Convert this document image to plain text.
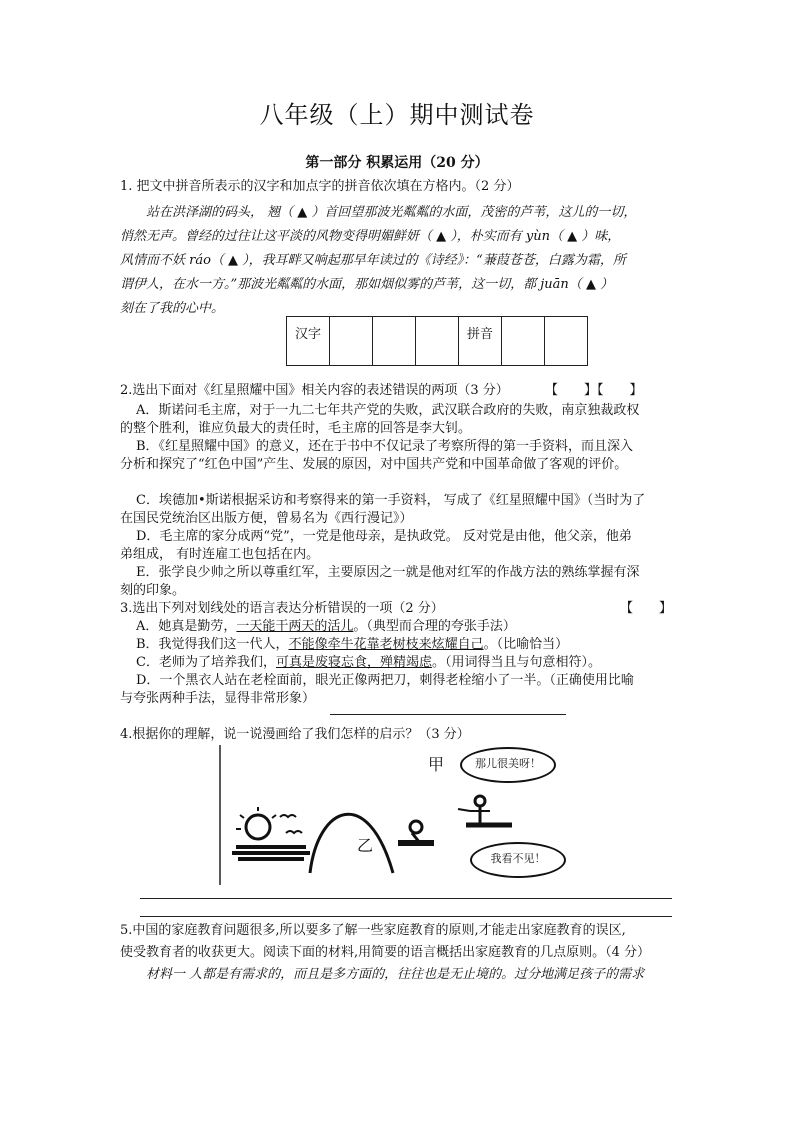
八年级（上）期中测试卷
第一部分 积累运用（20 分）
1. 把文中拼音所表示的汉字和加点字的拼音依次填在方格内。（2 分）
站在洪泽湖的码头， 翘（ ▲ ）首回望那波光粼粼的水面，茂密的芦苇，这儿的一切，
悄然无声。曾经的过往让这平淡的风物变得明媚鲜妍（ ▲ ），朴实而有 yùn（ ▲ ）味，
风情而不妖 ráo（ ▲ ），我耳畔又响起那早年读过的《诗经》：“蒹葭苍苍，白露为霜，所
谓伊人，在水一方。”那波光粼粼的水面，那如烟似雾的芦苇，这一切，都 juān（ ▲ ）
刻在了我的心中。
汉字				拼音		
2.选出下面对《红星照耀中国》相关内容的表述错误的两项（3 分）	【　　】【　　】
A．斯诺问毛主席，对于一九二七年共产党的失败，武汉联合政府的失败，南京独裁政权
的整个胜利，谁应负最大的责任时，毛主席的回答是李大钊。
B．《红星照耀中国》的意义，还在于书中不仅记录了考察所得的第一手资料，而且深入
分析和探究了“红色中国”产生、发展的原因，对中国共产党和中国革命做了客观的评价。
C．埃德加•斯诺根据采访和考察得来的第一手资料， 写成了《红星照耀中国》（当时为了
在国民党统治区出版方便，曾易名为《西行漫记》）
D．毛主席的家分成两“党”，一党是他母亲，是执政党。 反对党是由他，他父亲，他弟
弟组成， 有时连雇工也包括在内。
E．张学良少帅之所以尊重红军，主要原因之一就是他对红军的作战方法的熟练掌握有深
刻的印象。
3.选出下列对划线处的语言表达分析错误的一项（2 分）	【　　】
A．她真是勤劳，一天能干两天的活儿。（典型而合理的夸张手法）
B．我觉得我们这一代人，不能像牵牛花靠老树枝来炫耀自己。（比喻恰当）
C．老师为了培养我们，可真是废寝忘食，殚精竭虑。（用词得当且与句意相符）。
D．一个黑衣人站在老栓面前，眼光正像两把刀，刺得老栓缩小了一半。（正确使用比喻
与夸张两种手法，显得非常形象）
4.根据你的理解，说一说漫画给了我们怎样的启示？（3 分）
甲
乙
那儿很美呀！
我看不见！
5.中国的家庭教育问题很多,所以要多了解一些家庭教育的原则,才能走出家庭教育的误区,
使受教育者的收获更大。阅读下面的材料,用简要的语言概括出家庭教育的几点原则。（4 分）
材料一 人都是有需求的，而且是多方面的，往往也是无止境的。过分地满足孩子的需求
